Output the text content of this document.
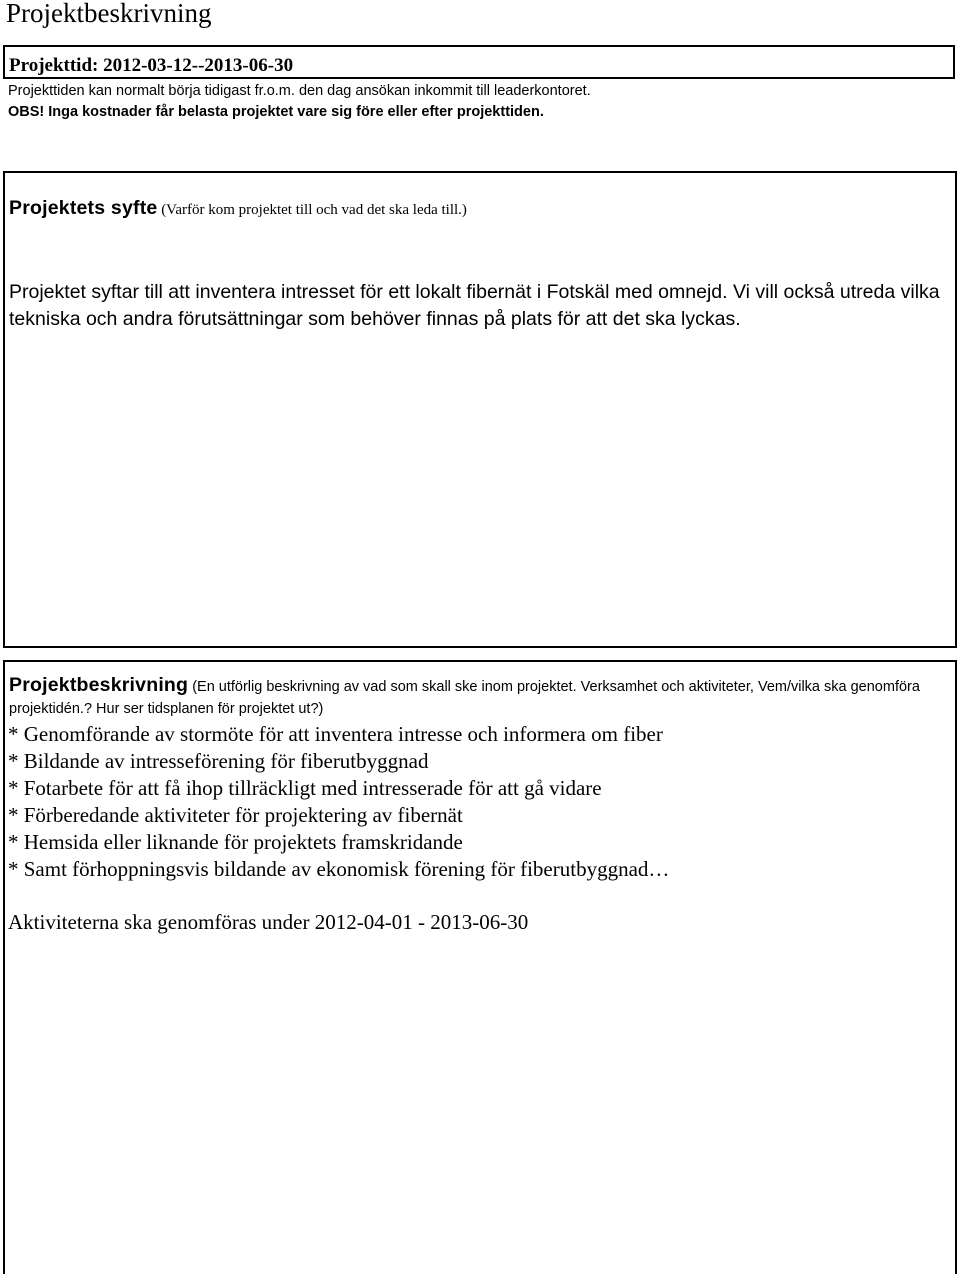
Projektbeskrivning
Projekttid: 2012-03-12--2013-06-30
Projekttiden kan normalt börja tidigast fr.o.m. den dag ansökan inkommit till leaderkontoret.
OBS! Inga kostnader får belasta projektet vare sig före eller efter projekttiden.
Projektets syfte (Varför kom projektet till och vad det ska leda till.)
Projektet syftar till att inventera intresset för ett lokalt fibernät i Fotskäl med omnejd. Vi vill också utreda vilka tekniska och andra förutsättningar som behöver finnas på plats för att det ska lyckas.
Projektbeskrivning (En utförlig beskrivning av vad som skall ske inom projektet. Verksamhet och aktiviteter, Vem/vilka ska genomföra projektidén.? Hur ser tidsplanen för projektet ut?)
* Genomförande av stormöte för att inventera intresse och informera om fiber
* Bildande av intresseförening för fiberutbyggnad
* Fotarbete för att få ihop tillräckligt med intresserade för att gå vidare
* Förberedande aktiviteter för projektering av fibernät
* Hemsida eller liknande för projektets framskridande
* Samt förhoppningsvis bildande av ekonomisk förening för fiberutbyggnad…
Aktiviteterna ska genomföras under 2012-04-01 - 2013-06-30
